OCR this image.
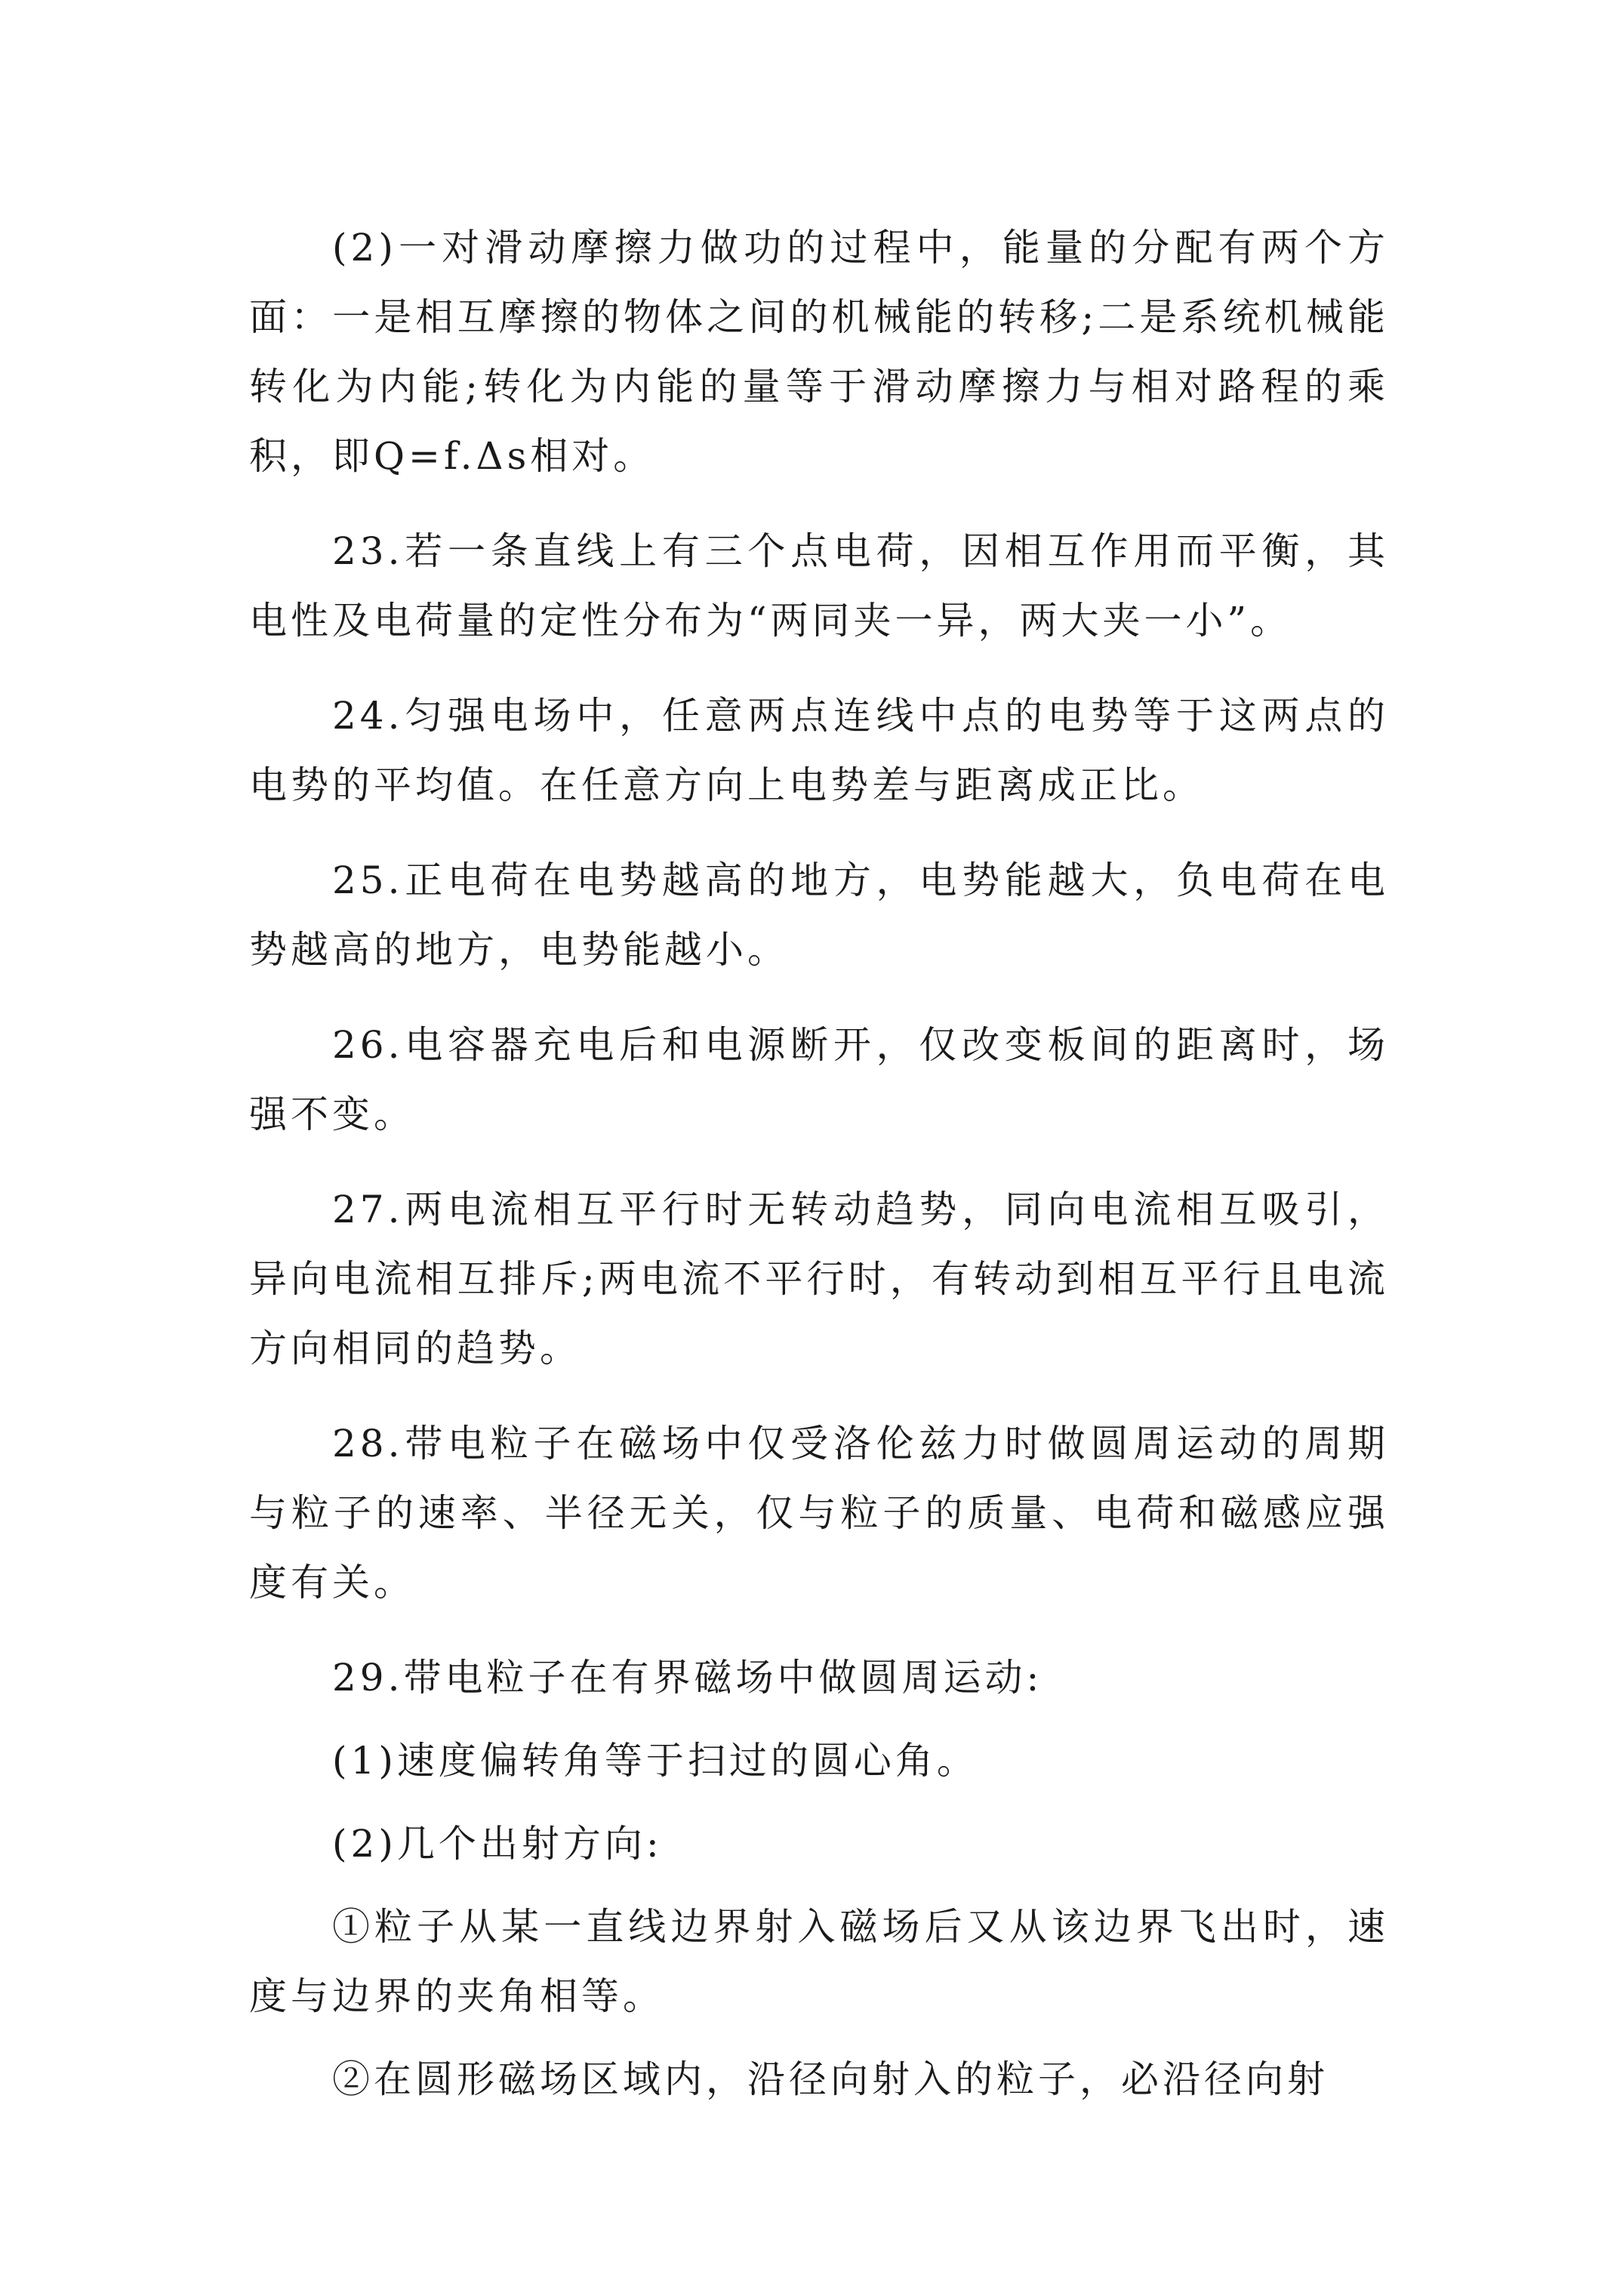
(2)一对滑动摩擦力做功的过程中，能量的分配有两个方面：一是相互摩擦的物体之间的机械能的转移;二是系统机械能转化为内能;转化为内能的量等于滑动摩擦力与相对路程的乘积，即Q=f.Δs相对。

23.若一条直线上有三个点电荷，因相互作用而平衡，其电性及电荷量的定性分布为“两同夹一异，两大夹一小”。

24.匀强电场中，任意两点连线中点的电势等于这两点的电势的平均值。在任意方向上电势差与距离成正比。

25.正电荷在电势越高的地方，电势能越大，负电荷在电势越高的地方，电势能越小。

26.电容器充电后和电源断开，仅改变板间的距离时，场强不变。

27.两电流相互平行时无转动趋势，同向电流相互吸引，异向电流相互排斥;两电流不平行时，有转动到相互平行且电流方向相同的趋势。

28.带电粒子在磁场中仅受洛伦兹力时做圆周运动的周期与粒子的速率、半径无关，仅与粒子的质量、电荷和磁感应强度有关。

29.带电粒子在有界磁场中做圆周运动:

(1)速度偏转角等于扫过的圆心角。

(2)几个出射方向:

①粒子从某一直线边界射入磁场后又从该边界飞出时，速度与边界的夹角相等。

②在圆形磁场区域内，沿径向射入的粒子，必沿径向射
